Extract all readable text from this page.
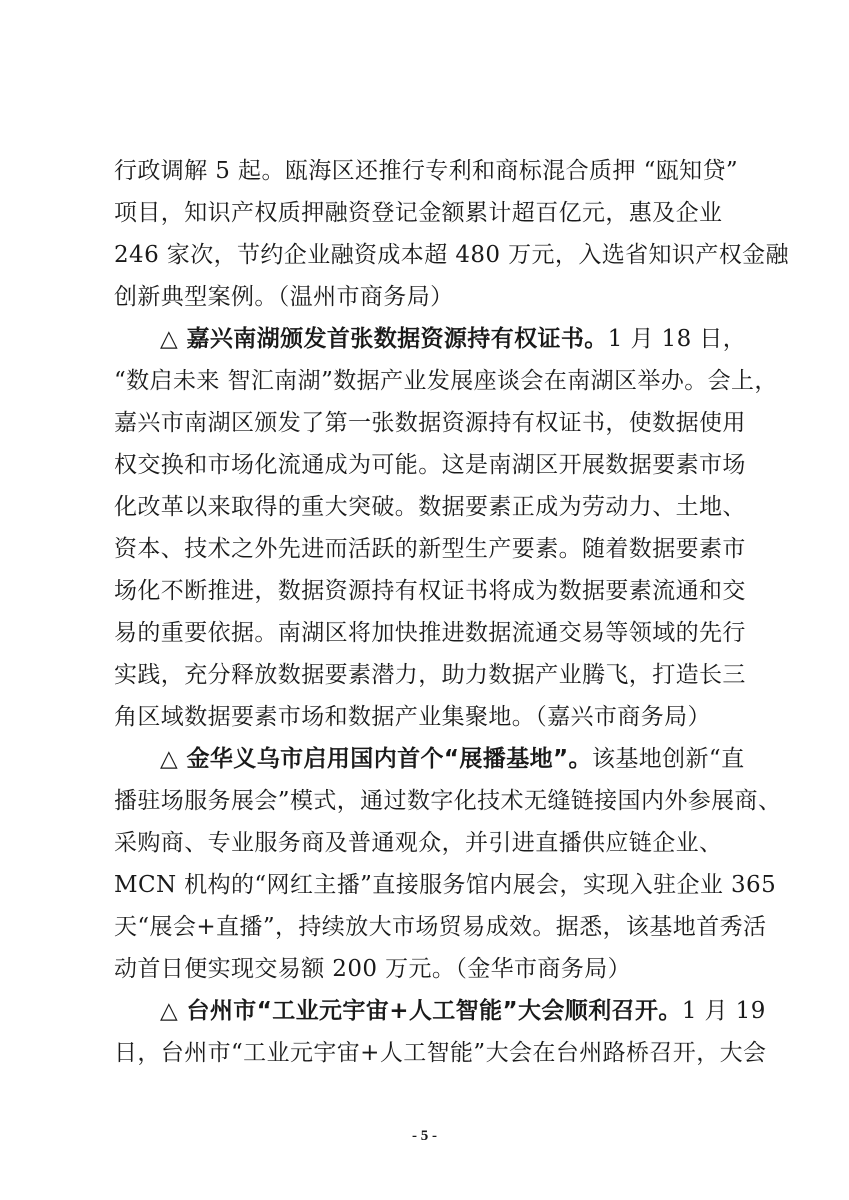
行政调解 5 起。瓯海区还推行专利和商标混合质押 “瓯知贷”
项目，知识产权质押融资登记金额累计超百亿元，惠及企业
246 家次，节约企业融资成本超 480 万元，入选省知识产权金融
创新典型案例。（温州市商务局）
△ 嘉兴南湖颁发首张数据资源持有权证书。1 月 18 日，
“数启未来 智汇南湖”数据产业发展座谈会在南湖区举办。会上，
嘉兴市南湖区颁发了第一张数据资源持有权证书，使数据使用
权交换和市场化流通成为可能。这是南湖区开展数据要素市场
化改革以来取得的重大突破。数据要素正成为劳动力、土地、
资本、技术之外先进而活跃的新型生产要素。随着数据要素市
场化不断推进，数据资源持有权证书将成为数据要素流通和交
易的重要依据。南湖区将加快推进数据流通交易等领域的先行
实践，充分释放数据要素潜力，助力数据产业腾飞，打造长三
角区域数据要素市场和数据产业集聚地。（嘉兴市商务局）
△ 金华义乌市启用国内首个“展播基地”。该基地创新“直
播驻场服务展会”模式，通过数字化技术无缝链接国内外参展商、
采购商、专业服务商及普通观众，并引进直播供应链企业、
MCN 机构的“网红主播”直接服务馆内展会，实现入驻企业 365
天“展会+直播”，持续放大市场贸易成效。据悉，该基地首秀活
动首日便实现交易额 200 万元。（金华市商务局）
△ 台州市“工业元宇宙+人工智能”大会顺利召开。1 月 19
日，台州市“工业元宇宙+人工智能”大会在台州路桥召开，大会
- 5 -
